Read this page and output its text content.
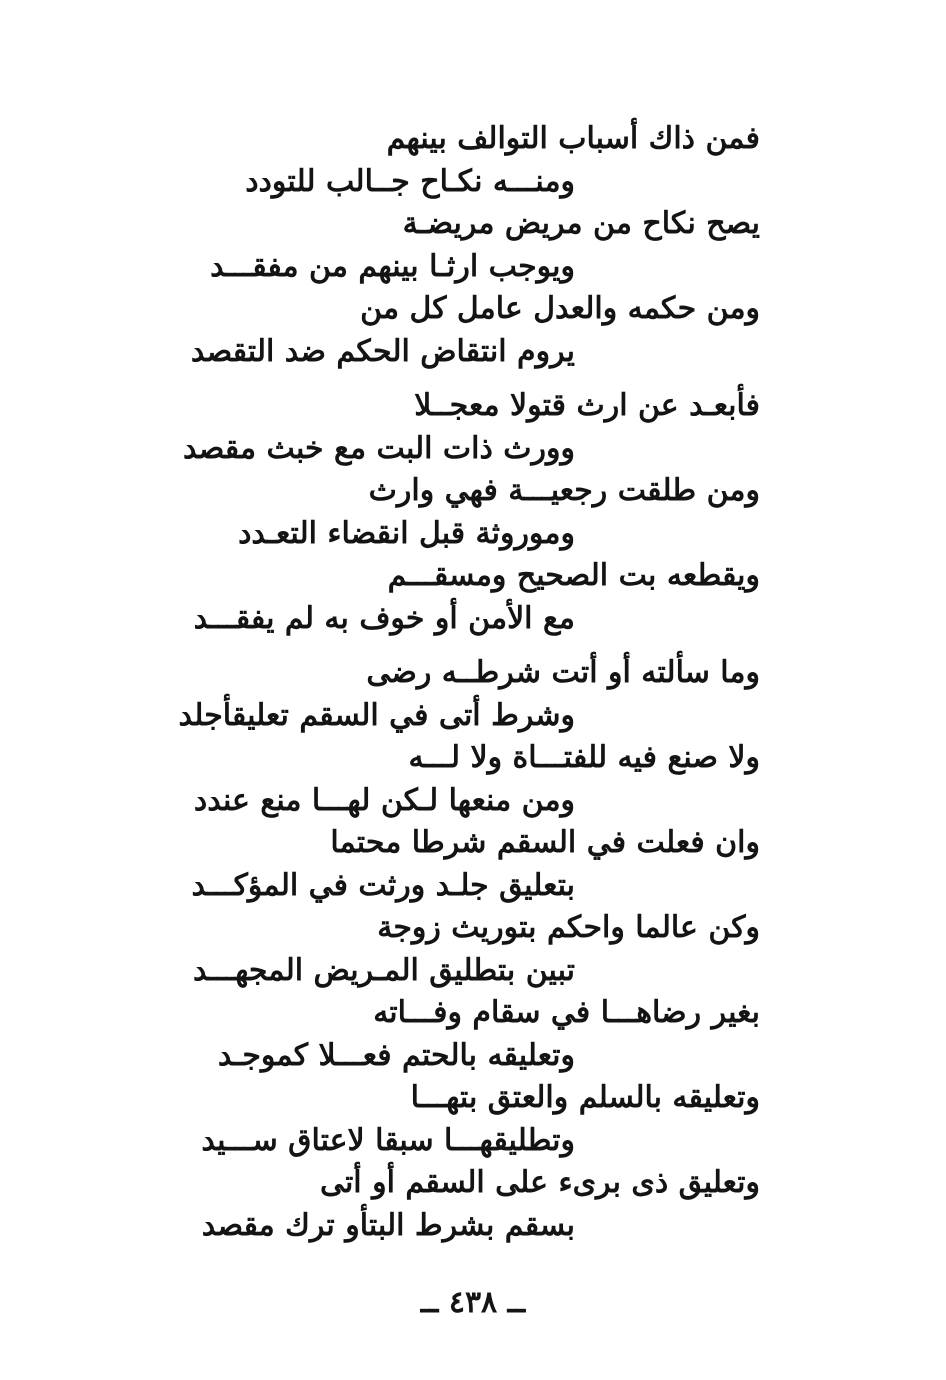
فمن ذاك أسباب التوالف بينهم
ومنـــه نكـاح جــالب للتودد
يصح نكاح من مريض مريضـة
ويوجب ارثـا بينهم من مفقـــد
ومن حكمه والعدل عامل كل من
يروم انتقاض الحكم ضد التقصد
فأبعـد عن ارث قتولا معجــلا
وورث ذات البت مع خبث مقصد
ومن طلقت رجعيـــة فهي وارث
وموروثة قبل انقضاء التعـدد
ويقطعه بت الصحيح ومسقـــم
مع الأمن أو خوف به لم يفقـــد
وما سألته أو أتت شرطــه رضى
وشرط أتى في السقم تعليقأجلد
ولا صنع فيه للفتـــاة ولا لـــه
ومن منعها لـكن لهـــا منع عندد
وان فعلت في السقم شرطا محتما
بتعليق جلـد ورثت في المؤكـــد
وكن عالما واحكم بتوريث زوجة
تبين بتطليق المـريض المجهـــد
بغير رضاهـــا في سقام وفـــاته
وتعليقه بالحتم فعـــلا كموجـد
وتعليقه بالسلم والعتق بتهـــا
وتطليقهـــا سبقا لاعتاق ســـيد
وتعليق ذى برىء على السقم أو أتى
بسقم بشرط البتأو ترك مقصد
ــ ٤٣٨ ــ
